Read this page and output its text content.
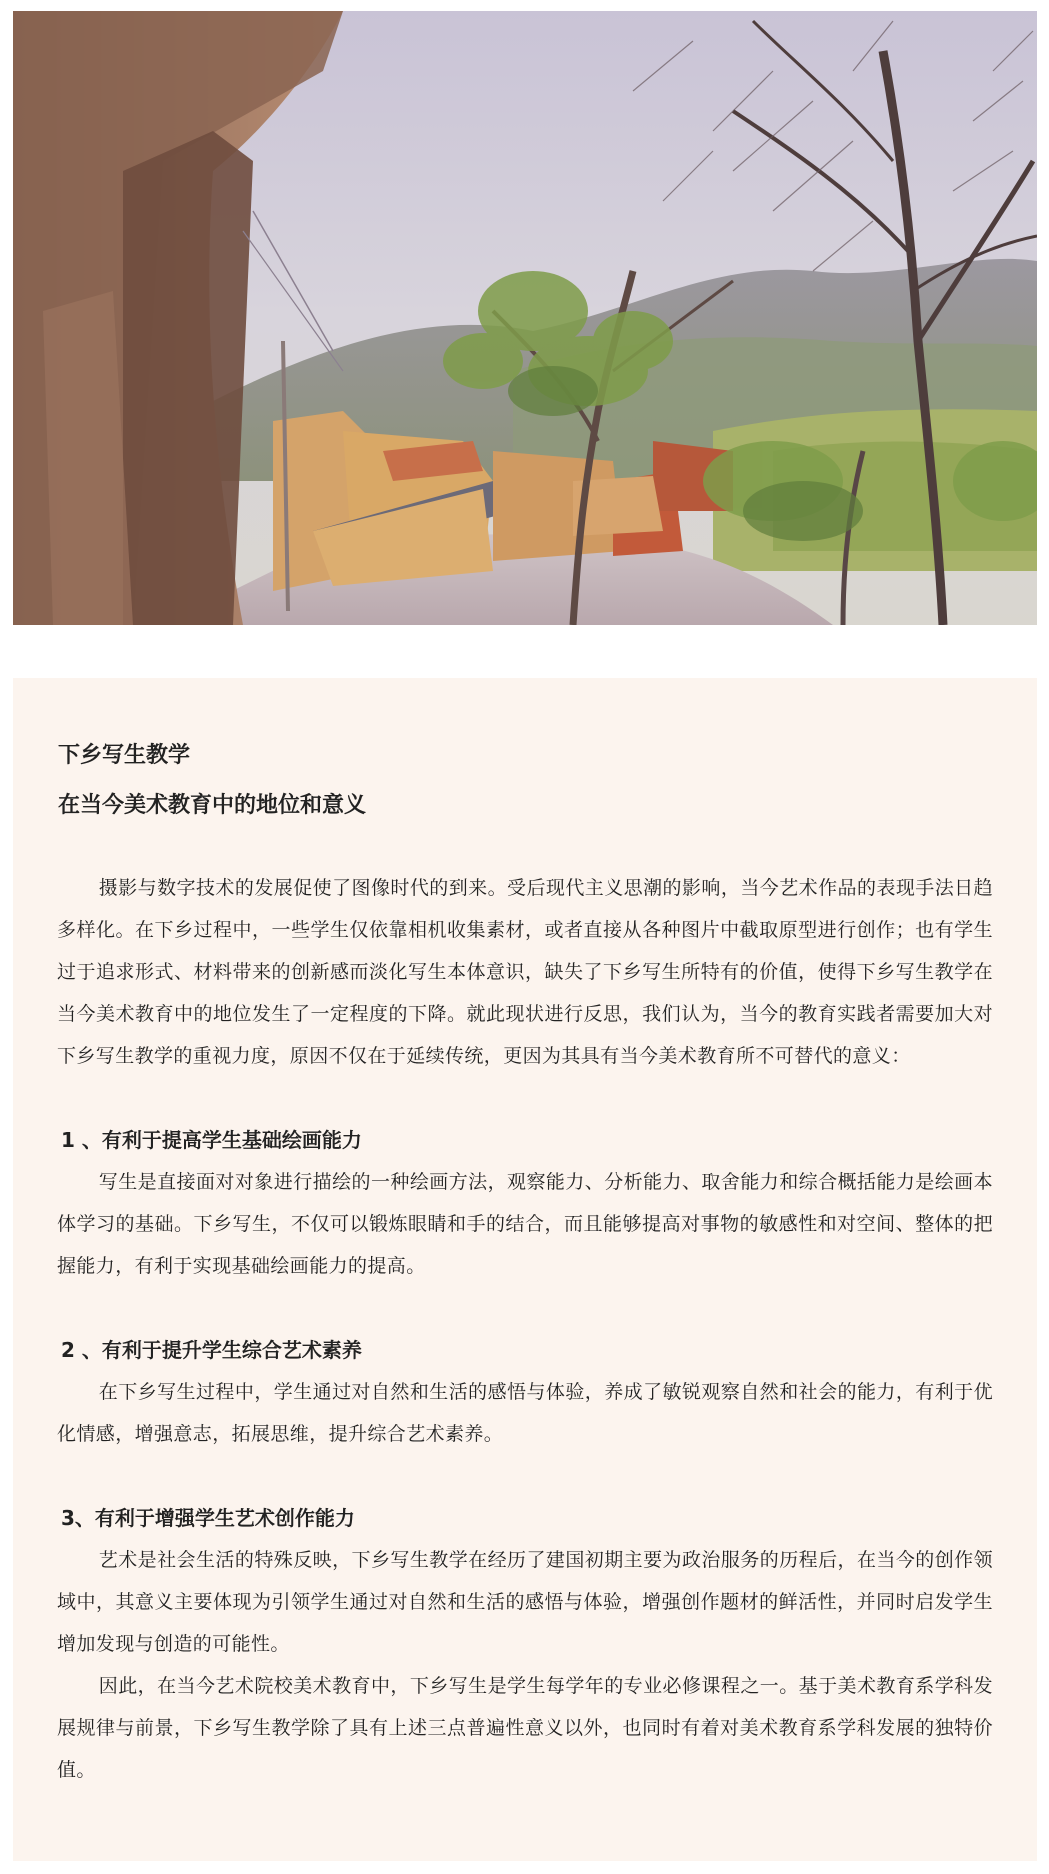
下乡写生教学

在当今美术教育中的地位和意义

摄影与数字技术的发展促使了图像时代的到来。受后现代主义思潮的影响，当今艺术作品的表现手法日趋多样化。在下乡过程中，一些学生仅依靠相机收集素材，或者直接从各种图片中截取原型进行创作；也有学生过于追求形式、材料带来的创新感而淡化写生本体意识，缺失了下乡写生所特有的价值，使得下乡写生教学在当今美术教育中的地位发生了一定程度的下降。就此现状进行反思，我们认为，当今的教育实践者需要加大对下乡写生教学的重视力度，原因不仅在于延续传统，更因为其具有当今美术教育所不可替代的意义：

1 、有利于提高学生基础绘画能力

写生是直接面对对象进行描绘的一种绘画方法，观察能力、分析能力、取舍能力和综合概括能力是绘画本体学习的基础。下乡写生，不仅可以锻炼眼睛和手的结合，而且能够提高对事物的敏感性和对空间、整体的把握能力，有利于实现基础绘画能力的提高。

2 、有利于提升学生综合艺术素养

在下乡写生过程中，学生通过对自然和生活的感悟与体验，养成了敏锐观察自然和社会的能力，有利于优化情感，增强意志，拓展思维，提升综合艺术素养。

3、有利于增强学生艺术创作能力

艺术是社会生活的特殊反映，下乡写生教学在经历了建国初期主要为政治服务的历程后，在当今的创作领域中，其意义主要体现为引领学生通过对自然和生活的感悟与体验，增强创作题材的鲜活性，并同时启发学生增加发现与创造的可能性。

因此，在当今艺术院校美术教育中，下乡写生是学生每学年的专业必修课程之一。基于美术教育系学科发展规律与前景，下乡写生教学除了具有上述三点普遍性意义以外，也同时有着对美术教育系学科发展的独特价值。
